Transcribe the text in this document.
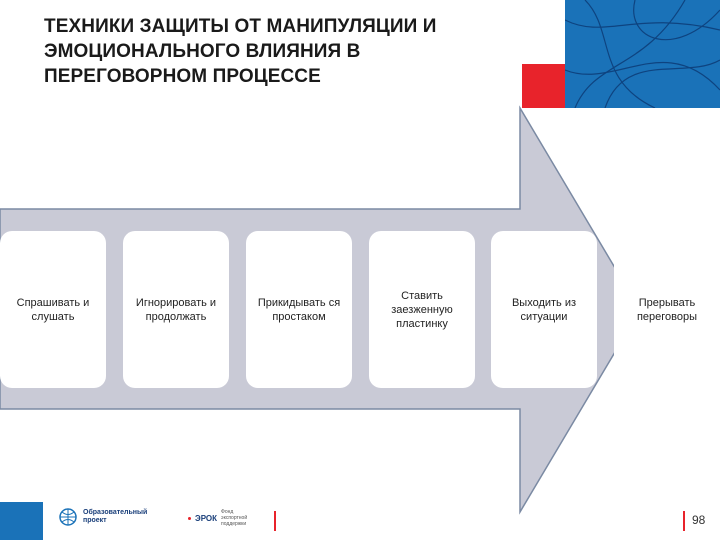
ТЕХНИКИ ЗАЩИТЫ ОТ МАНИПУЛЯЦИИ И
ЭМОЦИОНАЛЬНОГО ВЛИЯНИЯ В
ПЕРЕГОВОРНОМ ПРОЦЕССЕ
Спрашивать и слушать
Игнорировать и продолжать
Прикидывать ся простаком
Ставить заезженную пластинку
Выходить из ситуации
Прерывать переговоры
Образовательный проект	ЭРОК
Фонд экспортной поддержки	98
